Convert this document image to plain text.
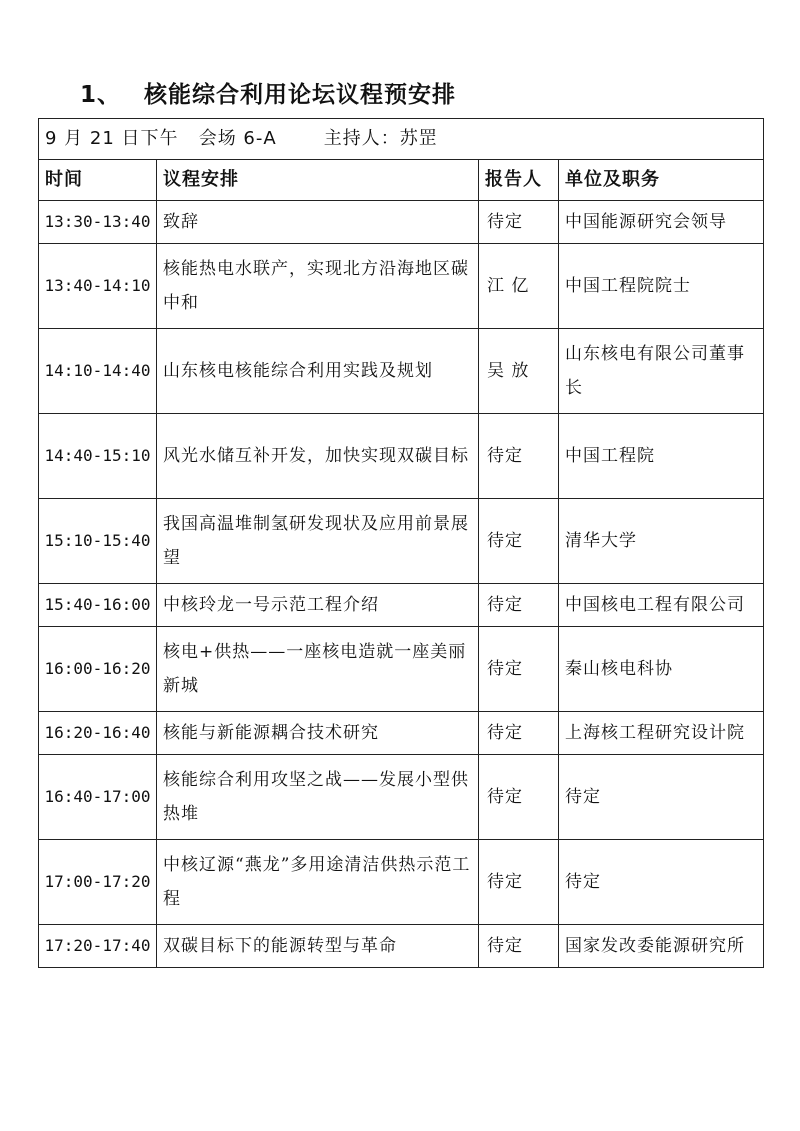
1、 核能综合利用论坛议程预安排
9 月 21 日下午 会场 6-A 主持人：苏罡			
时间	议程安排	报告人	单位及职务
13:30-13:40	致辞	待定	中国能源研究会领导
13:40-14:10	核能热电水联产，实现北方沿海地区碳中和	江 亿	中国工程院院士
14:10-14:40	山东核电核能综合利用实践及规划	吴 放	山东核电有限公司董事长
14:40-15:10	风光水储互补开发，加快实现双碳目标	待定	中国工程院
15:10-15:40	我国高温堆制氢研发现状及应用前景展望	待定	清华大学
15:40-16:00	中核玲龙一号示范工程介绍	待定	中国核电工程有限公司
16:00-16:20	核电+供热——一座核电造就一座美丽新城	待定	秦山核电科协
16:20-16:40	核能与新能源耦合技术研究	待定	上海核工程研究设计院
16:40-17:00	核能综合利用攻坚之战——发展小型供热堆	待定	待定
17:00-17:20	中核辽源“燕龙”多用途清洁供热示范工程	待定	待定
17:20-17:40	双碳目标下的能源转型与革命	待定	国家发改委能源研究所
